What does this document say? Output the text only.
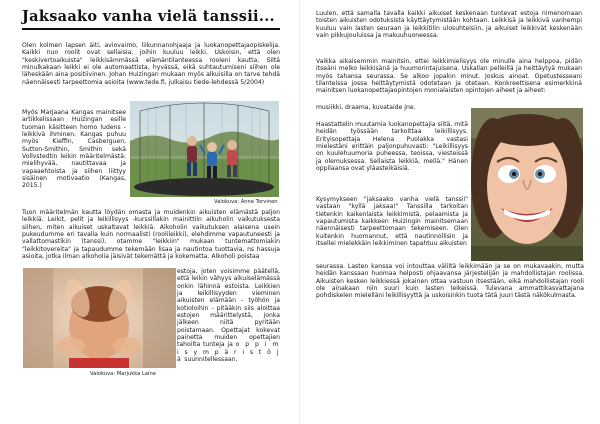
Jaksaako vanha vielä tanssii...

Olen kolmen lapsen äiti, aviovaimo, liikunnanohjaaja ja luokanopettajaopiskelija. Kaikki nuo roolit ovat sellaisia, joihin kuuluu leikki. Uskoisin, että olen "keskivertoaikuista" leikkisämmässä elämäntilanteessa rooleni kautta. Siltä minulkakaan leikki ei ole automaattista, hyvässä, eikä suhtautumiseni siihen ole läheskään aina positiivinen. Johan Huizingan mukaan myös alkuisilla on tarve tehdä näennäisesti tarpeettomia asioita (www.tede.fi, julkaisu tiede-lehdessä 5/2004)

Myös Marjaana Kangas mainitsee artikkelissaan Huizingan esille tuoman käsitteen homo ludens - leikkivä ihminen. Kangas puhuu myös Kieffin, Casberguen, Sutton-Smithin, Smithin sekä Vollvstedtin leikin määritelmästä: mielihyvää, nautittavaa ja vapaaehtoista ja siihen liittyy sisäinen motivaatio (Kangas, 2015.)

Valokuva: Anne Torvinen

Tuon määritelmän kautta löydän omasta ja muidenkin aikuisten elämästä paljon leikkiä. Leikit, pelit ja leikillisyys -kurssillakin mainittiin aikuholin vaikutuksesta siihen, miten aikuiset uskaltavat leikkiä. Alkoholin vaikutuksen alaisena usein pukeudumme eri tavalla kuin normaalisti (roolileikki), elehdimme vapautuneesti ja vallattomastikin (tanssi), otamme "leikkiin" mukaan tuntemattomiakin "leikkitovereita" ja tapaudumme tekemään lisaa ja nautintoa tuottavia, ns hassuja asioita, jotka ilman alkoholia jäisivät tekemättä ja kokematta. Alkoholi poistaa

Valokuva: Marjukka Laine

estoja, joten voisimme päätellä, että leikin vähyys aikuiselämässä onkin lähinnä estoista. Leikkien ja leikillisyyden vieminen aikuisten elämään - työhön ja kotioloihin - pitääkin siis aloittaa estojen määrittelystä, jonka jälkeen niitä pyritään poistamaan. Opettajat kokevat painetta muiden opettajien tahoilta tunteja ja o p p i m i s y m p ä r i s t ö j ä suunnitellessaan.

Luulen, että samalla tavalla kaikki aikuiset keskenaan tuntevat estoja nimenomaan toisten aikuisten odotuksista käyttäytymistään kohtaan. Leikkisä ja leikkivä vanhempi kuuluu vain lasten seuraan ja leikkitilin ulosuhteisiin, ja aikuiset leikkivät keskenään vain pikkujouluissa ja makuuhuoneessa.

Vaikka aikaisemmin mainitsin, ettei leikkimielisyys ole minulle aina helppoa, pidän itseäni melko leikkisänä ja huumorintajuisena. Uskallan pelleillä ja heittäytyä mukaan myös tahansa seurassa. Se alkoo jopakin minut. Joskus ainoat. Opetustesseani tilanteissa jossa heittäytymistä odotetaan ja otetaan. Konkreettisena esimerkkinä mainitsen luokanopettajaopintojen monialaisten opintojen aiheet ja aiheet:

musiikki, draama, kuvataide jne.

Haastattelin muutamia luokanopettajia siitä, mitä heidän työssään tarkoittaa leikillisyys. Erityisopettaja Helena Puolakka vastasi mielestäni erittäin paljonpuhuvasti: "Leikillisyys on kuulehuumoria puheessa, teoissa, viesteissä ja olemuksessa. Sellaista leikkiä, mellä." Hänen oppilaansa ovat yläasteikäisiä.

Kysymykseen "jaksaako vanha vielä tanssii" vastaan "kyllä jaksaa!" Tanssilla tarkoitan tietenkin kaikenlaista leikkimistä, pelaamista ja vapautumista kaikkeen Huizingin mainitsemaan näennäisesti tarpeettomaan tekemiseen. Olen kuitenkin huomannut, että nautinnollisin ja itsellei mielekkäin leikkiminen tapahtuu aikuisten

seurassa. Lasten kanssa voi intouttaa väliltä leikkimään ja se on mukavaakin, mutta heidän kanssaan huomaa helposti ohjaavansa järjestelijän ja mahdollistajan roolissa. Aikuisten kesken leikkiessä jokainen ottaa vastuun itsestään, eikä mahdollistajan rooli ole ainakaan niin suuri kuin lasten leikeissä. Tulevana ammattikasvattajana pohdiskelen mielelläni leikillisyyttä ja uskoisinkin tuota tätä juuri tästä näkökulmasta.
